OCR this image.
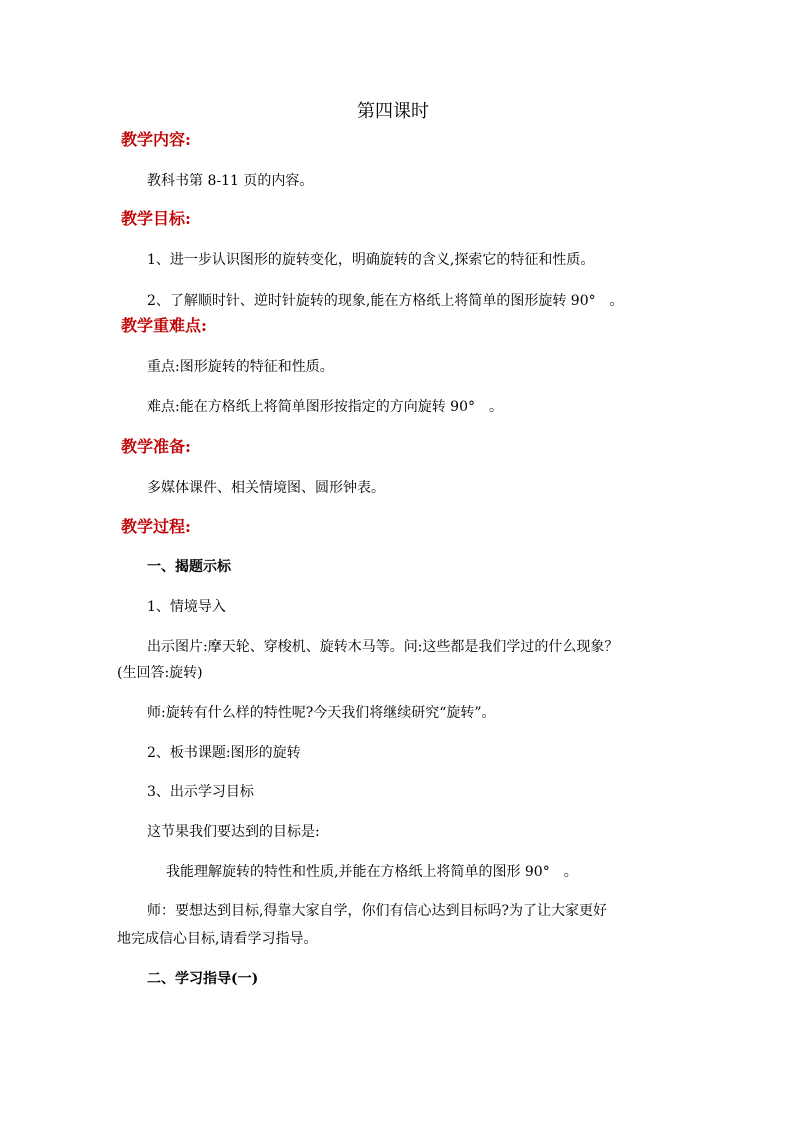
第四课时
教学内容:
教科书第 8-11 页的内容。
教学目标:
1、进一步认识图形的旋转变化，明确旋转的含义,探索它的特征和性质。
2、了解顺时针、逆时针旋转的现象,能在方格纸上将简单的图形旋转 90°　。
教学重难点:
重点:图形旋转的特征和性质。
难点:能在方格纸上将简单图形按指定的方向旋转 90°　。
教学准备:
多媒体课件、相关情境图、圆形钟表。
教学过程:
一、揭题示标
1、情境导入
出示图片:摩天轮、穿梭机、旋转木马等。问:这些都是我们学过的什么现象？
(生回答:旋转)
师:旋转有什么样的特性呢?今天我们将继续研究“旋转”。
2、板书课题:图形的旋转
3、出示学习目标
这节果我们要达到的目标是:
我能理解旋转的特性和性质,并能在方格纸上将简单的图形 90°　。
师：要想达到目标,得靠大家自学，你们有信心达到目标吗?为了让大家更好
地完成信心目标,请看学习指导。
二、学习指导(一)
